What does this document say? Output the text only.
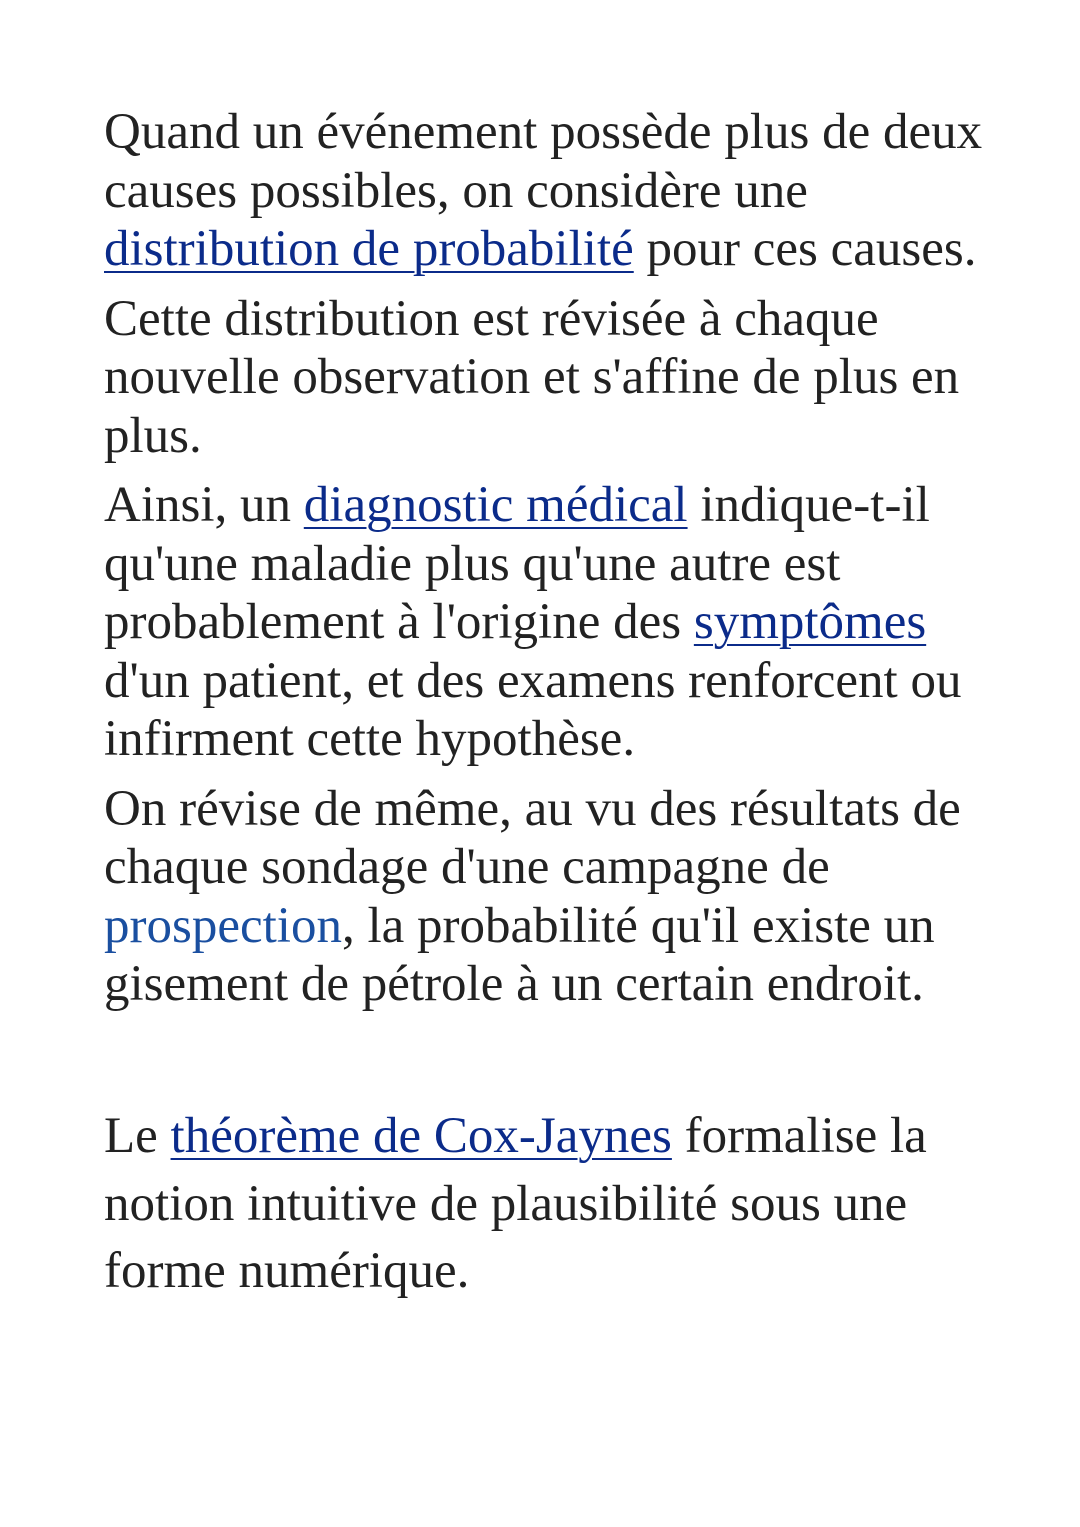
Quand un événement possède plus de deux causes possibles, on considère une distribution de probabilité pour ces causes.

Cette distribution est révisée à chaque nouvelle observation et s'affine de plus en plus.

Ainsi, un diagnostic médical indique-t-il qu'une maladie plus qu'une autre est probablement à l'origine des symptômes d'un patient, et des examens renforcent ou infirment cette hypothèse.

On révise de même, au vu des résultats de chaque sondage d'une campagne de prospection, la probabilité qu'il existe un gisement de pétrole à un certain endroit.

Le théorème de Cox-Jaynes formalise la notion intuitive de plausibilité sous une forme numérique.
